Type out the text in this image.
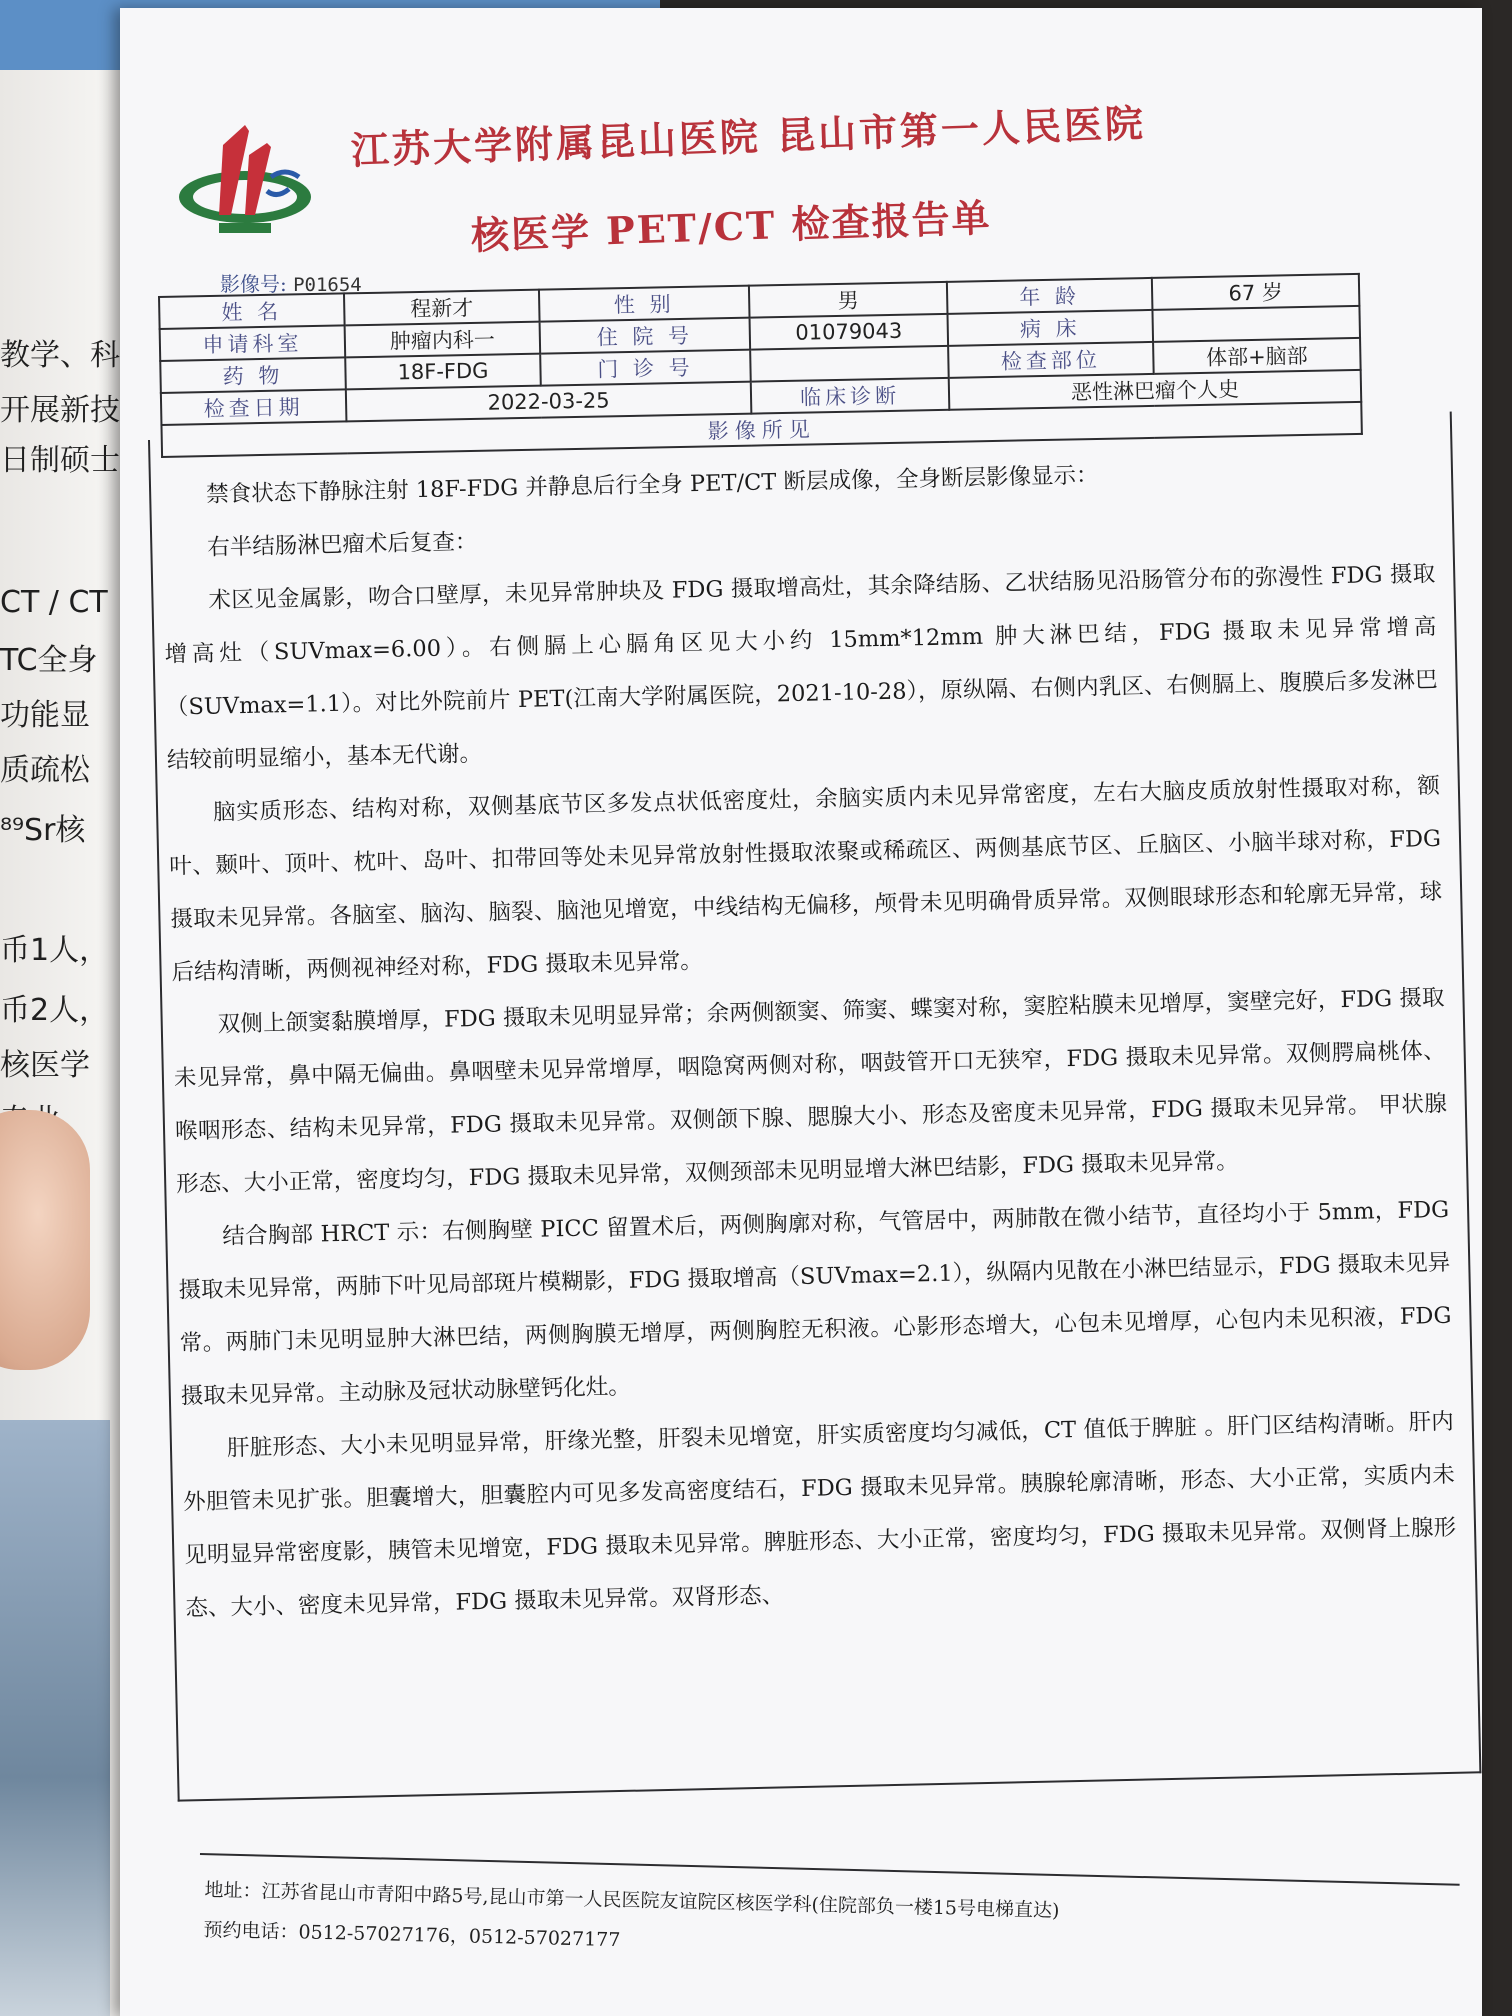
教学、科
开展新技
日制硕士
CT / CT
TC全身
功能显
质疏松
⁸⁹Sr核
币1人，
币2人，
核医学
江苏大学附属昆山医院 昆山市第一人民医院
核医学 PET/CT 检查报告单
影像号: P01654
姓 名	程新才	性 别	男	年 龄	67 岁
申请科室	肿瘤内科一	住 院 号	01079043	病 床	
药 物	18F-FDG	门 诊 号		检查部位	体部+脑部
检查日期	2022-03-25		临床诊断	恶性淋巴瘤个人史	
影像所见					

禁食状态下静脉注射 18F-FDG 并静息后行全身 PET/CT 断层成像，全身断层影像显示：

右半结肠淋巴瘤术后复查：

术区见金属影，吻合口壁厚，未见异常肿块及 FDG 摄取增高灶，其余降结肠、乙状结肠见沿肠管分布的弥漫性 FDG 摄取增高灶（SUVmax=6.00）。右侧膈上心膈角区见大小约 15mm*12mm 肿大淋巴结，FDG 摄取未见异常增高（SUVmax=1.1）。对比外院前片 PET(江南大学附属医院，2021-10-28），原纵隔、右侧内乳区、右侧膈上、腹膜后多发淋巴结较前明显缩小，基本无代谢。

脑实质形态、结构对称，双侧基底节区多发点状低密度灶，余脑实质内未见异常密度，左右大脑皮质放射性摄取对称，额叶、颞叶、顶叶、枕叶、岛叶、扣带回等处未见异常放射性摄取浓聚或稀疏区、两侧基底节区、丘脑区、小脑半球对称，FDG 摄取未见异常。各脑室、脑沟、脑裂、脑池见增宽，中线结构无偏移，颅骨未见明确骨质异常。双侧眼球形态和轮廓无异常，球后结构清晰，两侧视神经对称，FDG 摄取未见异常。

双侧上颌窦黏膜增厚，FDG 摄取未见明显异常；余两侧额窦、筛窦、蝶窦对称，窦腔粘膜未见增厚，窦壁完好，FDG 摄取未见异常，鼻中隔无偏曲。鼻咽壁未见异常增厚，咽隐窝两侧对称，咽鼓管开口无狭窄，FDG 摄取未见异常。双侧腭扁桃体、喉咽形态、结构未见异常，FDG 摄取未见异常。双侧颌下腺、腮腺大小、形态及密度未见异常，FDG 摄取未见异常。 甲状腺形态、大小正常，密度均匀，FDG 摄取未见异常，双侧颈部未见明显增大淋巴结影，FDG 摄取未见异常。

结合胸部 HRCT 示：右侧胸壁 PICC 留置术后，两侧胸廓对称，气管居中，两肺散在微小结节，直径均小于 5mm，FDG 摄取未见异常，两肺下叶见局部斑片模糊影，FDG 摄取增高（SUVmax=2.1），纵隔内见散在小淋巴结显示，FDG 摄取未见异常。两肺门未见明显肿大淋巴结，两侧胸膜无增厚，两侧胸腔无积液。心影形态增大，心包未见增厚，心包内未见积液，FDG 摄取未见异常。主动脉及冠状动脉壁钙化灶。

肝脏形态、大小未见明显异常，肝缘光整，肝裂未见增宽，肝实质密度均匀减低，CT 值低于脾脏 。肝门区结构清晰。肝内外胆管未见扩张。胆囊增大，胆囊腔内可见多发高密度结石，FDG 摄取未见异常。胰腺轮廓清晰，形态、大小正常，实质内未见明显异常密度影，胰管未见增宽，FDG 摄取未见异常。脾脏形态、大小正常，密度均匀，FDG 摄取未见异常。双侧肾上腺形态、大小、密度未见异常，FDG 摄取未见异常。双肾形态、

地址：江苏省昆山市青阳中路5号,昆山市第一人民医院友谊院区核医学科(住院部负一楼15号电梯直达)
预约电话：0512-57027176，0512-57027177
